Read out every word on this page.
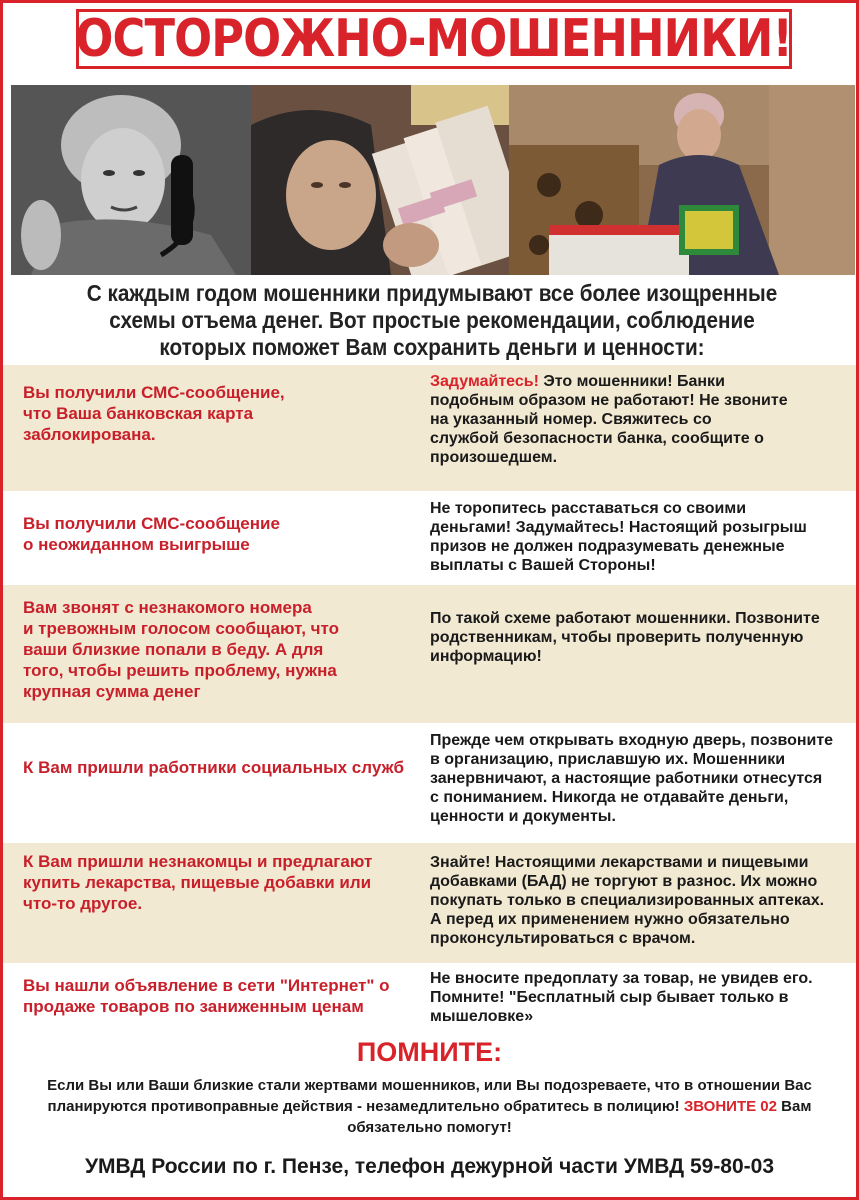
ОСТОРОЖНО-МОШЕННИКИ!
С каждым годом мошенники придумывают все более изощренные
схемы отъема денег. Вот простые рекомендации, соблюдение
которых поможет Вам сохранить деньги и ценности:
Вы получили СМС-сообщение,
что Ваша банковская карта
заблокирована.
Задумайтесь! Это мошенники! Банки
подобным образом не работают! Не звоните
на указанный номер. Свяжитесь со
службой безопасности банка, сообщите о
произошедшем.
Вы получили СМС-сообщение
о неожиданном выигрыше
Не торопитесь расставаться со своими
деньгами! Задумайтесь! Настоящий розыгрыш
призов не должен подразумевать денежные
выплаты с Вашей Стороны!
Вам звонят с незнакомого номера
и тревожным голосом сообщают, что
ваши близкие попали в беду. А для
того, чтобы решить проблему, нужна
крупная сумма денег
По такой схеме работают мошенники. Позвоните
родственникам, чтобы проверить полученную
информацию!
К Вам пришли работники социальных служб
Прежде чем открывать входную дверь, позвоните
в организацию, приславшую их. Мошенники
занервничают, а настоящие работники отнесутся
с пониманием. Никогда не отдавайте деньги,
ценности и документы.
К Вам пришли незнакомцы и предлагают
купить лекарства, пищевые добавки или
что-то другое.
Знайте! Настоящими лекарствами и пищевыми
добавками (БАД) не торгуют в разнос. Их можно
покупать только в специализированных аптеках.
А перед их применением нужно обязательно
проконсультироваться с врачом.
Вы нашли объявление в сети "Интернет" о
продаже товаров по заниженным ценам
Не вносите предоплату за товар, не увидев его.
Помните! "Бесплатный сыр бывает только в
мышеловке»
ПОМНИТЕ:
Если Вы или Ваши близкие стали жертвами мошенников, или Вы подозреваете, что в отношении Вас
планируются противоправные действия - незамедлительно обратитесь в полицию! ЗВОНИТЕ 02 Вам
обязательно помогут!
УМВД России по г. Пензе, телефон дежурной части УМВД 59-80-03
